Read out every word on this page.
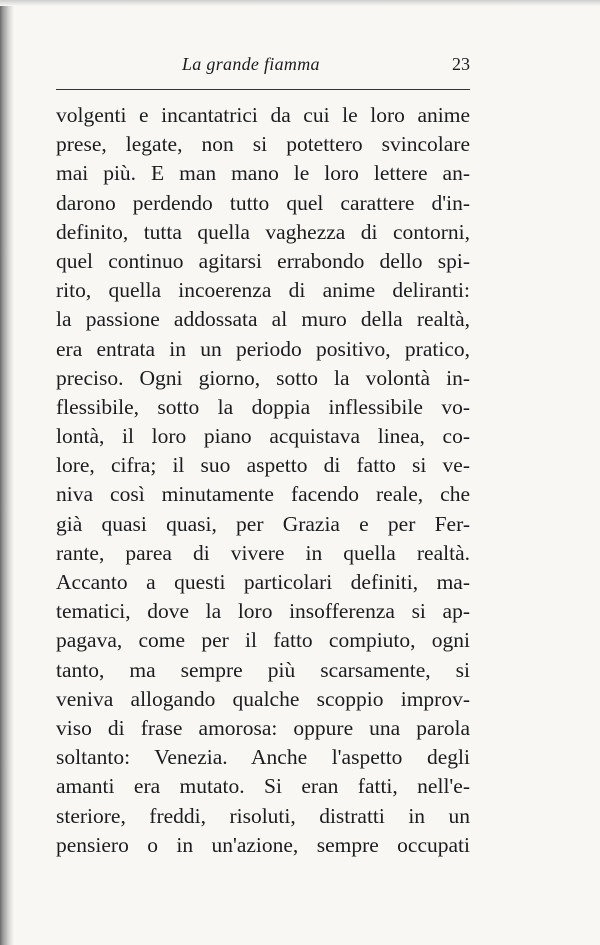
La grande fiamma	23
volgenti e incantatrici da cui le loro anime
prese, legate, non si potettero svincolare
mai più. E man mano le loro lettere an-
darono perdendo tutto quel carattere d'in-
definito, tutta quella vaghezza di contorni,
quel continuo agitarsi errabondo dello spi-
rito, quella incoerenza di anime deliranti:
la passione addossata al muro della realtà,
era entrata in un periodo positivo, pratico,
preciso. Ogni giorno, sotto la volontà in-
flessibile, sotto la doppia inflessibile vo-
lontà, il loro piano acquistava linea, co-
lore, cifra; il suo aspetto di fatto si ve-
niva così minutamente facendo reale, che
già quasi quasi, per Grazia e per Fer-
rante, parea di vivere in quella realtà.
Accanto a questi particolari definiti, ma-
tematici, dove la loro insofferenza si ap-
pagava, come per il fatto compiuto, ogni
tanto, ma sempre più scarsamente, si
veniva allogando qualche scoppio improv-
viso di frase amorosa: oppure una parola
soltanto: Venezia. Anche l'aspetto degli
amanti era mutato. Si eran fatti, nell'e-
steriore, freddi, risoluti, distratti in un
pensiero o in un'azione, sempre occupati
